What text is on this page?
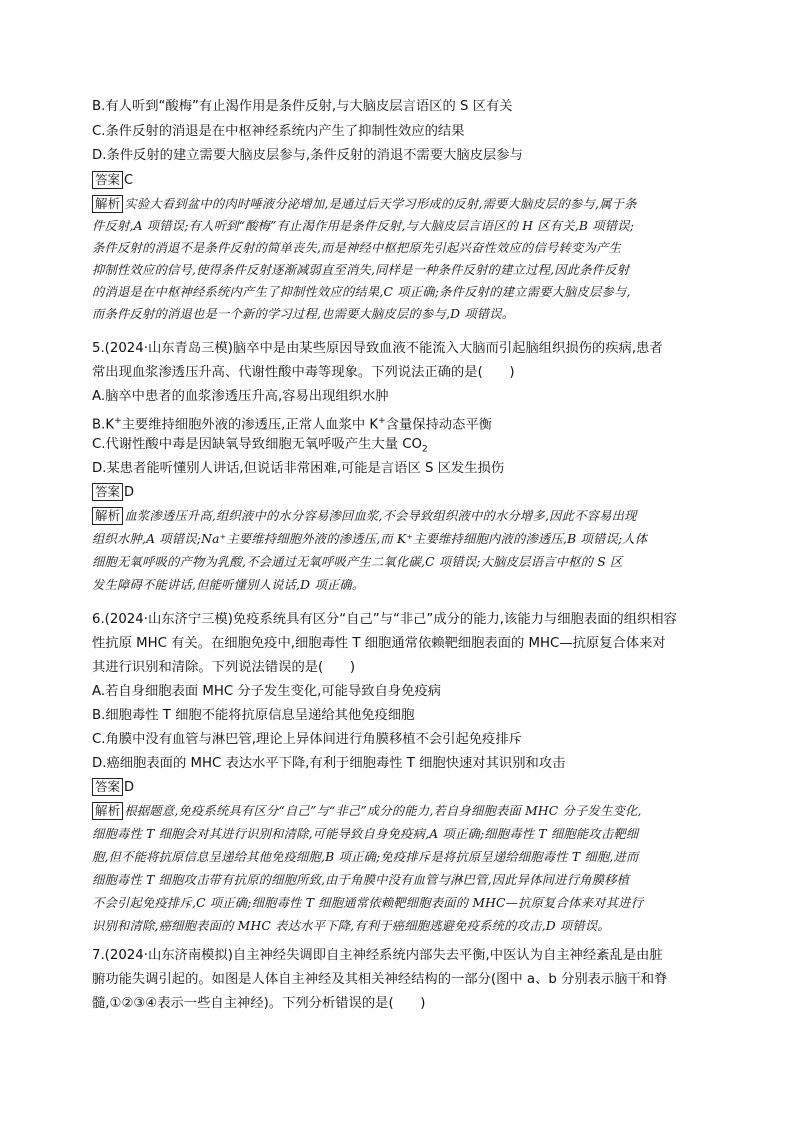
B.有人听到“酸梅”有止渴作用是条件反射,与大脑皮层言语区的 S 区有关
C.条件反射的消退是在中枢神经系统内产生了抑制性效应的结果
D.条件反射的建立需要大脑皮层参与,条件反射的消退不需要大脑皮层参与
答案 C
解析 实验大看到盆中的肉时唾液分泌增加,是通过后天学习形成的反射,需要大脑皮层的参与,属于条
件反射,A 项错误;有人听到“酸梅”有止渴作用是条件反射,与大脑皮层言语区的 H 区有关,B 项错误;
条件反射的消退不是条件反射的简单丧失,而是神经中枢把原先引起兴奋性效应的信号转变为产生
抑制性效应的信号,使得条件反射逐渐减弱直至消失,同样是一种条件反射的建立过程,因此条件反射
的消退是在中枢神经系统内产生了抑制性效应的结果,C 项正确;条件反射的建立需要大脑皮层参与,
而条件反射的消退也是一个新的学习过程,也需要大脑皮层的参与,D 项错误。
5.(2024·山东青岛三模)脑卒中是由某些原因导致血液不能流入大脑而引起脑组织损伤的疾病,患者
常出现血浆渗透压升高、代谢性酸中毒等现象。下列说法正确的是(　　)
A.脑卒中患者的血浆渗透压升高,容易出现组织水肿
B.K+主要维持细胞外液的渗透压,正常人血浆中 K+含量保持动态平衡
C.代谢性酸中毒是因缺氧导致细胞无氧呼吸产生大量 $CO_2$
D.某患者能听懂别人讲话,但说话非常困难,可能是言语区 S 区发生损伤
答案 D
解析 血浆渗透压升高,组织液中的水分容易渗回血浆,不会导致组织液中的水分增多,因此不容易出现
组织水肿,A 项错误;Na⁺主要维持细胞外液的渗透压,而 K⁺主要维持细胞内液的渗透压,B 项错误;人体
细胞无氧呼吸的产物为乳酸,不会通过无氧呼吸产生二氧化碳,C 项错误;大脑皮层语言中枢的 S 区
发生障碍不能讲话,但能听懂别人说话,D 项正确。
6.(2024·山东济宁三模)免疫系统具有区分“自己”与“非己”成分的能力,该能力与细胞表面的组织相容
性抗原 MHC 有关。在细胞免疫中,细胞毒性 T 细胞通常依赖靶细胞表面的 MHC—抗原复合体来对
其进行识别和清除。下列说法错误的是(　　)
A.若自身细胞表面 MHC 分子发生变化,可能导致自身免疫病
B.细胞毒性 T 细胞不能将抗原信息呈递给其他免疫细胞
C.角膜中没有血管与淋巴管,理论上异体间进行角膜移植不会引起免疫排斥
D.癌细胞表面的 MHC 表达水平下降,有利于细胞毒性 T 细胞快速对其识别和攻击
答案 D
解析 根据题意,免疫系统具有区分“自己”与“非己”成分的能力,若自身细胞表面 MHC 分子发生变化,
细胞毒性 T 细胞会对其进行识别和清除,可能导致自身免疫病,A 项正确;细胞毒性 T 细胞能攻击靶细
胞,但不能将抗原信息呈递给其他免疫细胞,B 项正确;免疫排斥是将抗原呈递给细胞毒性 T 细胞,进而
细胞毒性 T 细胞攻击带有抗原的细胞所致,由于角膜中没有血管与淋巴管,因此异体间进行角膜移植
不会引起免疫排斥,C 项正确;细胞毒性 T 细胞通常依赖靶细胞表面的 MHC—抗原复合体来对其进行
识别和清除,癌细胞表面的 MHC 表达水平下降,有利于癌细胞逃避免疫系统的攻击,D 项错误。
7.(2024·山东济南模拟)自主神经失调即自主神经系统内部失去平衡,中医认为自主神经紊乱是由脏
腑功能失调引起的。如图是人体自主神经及其相关神经结构的一部分(图中 a、b 分别表示脑干和脊
髓,①②③④表示一些自主神经)。下列分析错误的是(　　)
